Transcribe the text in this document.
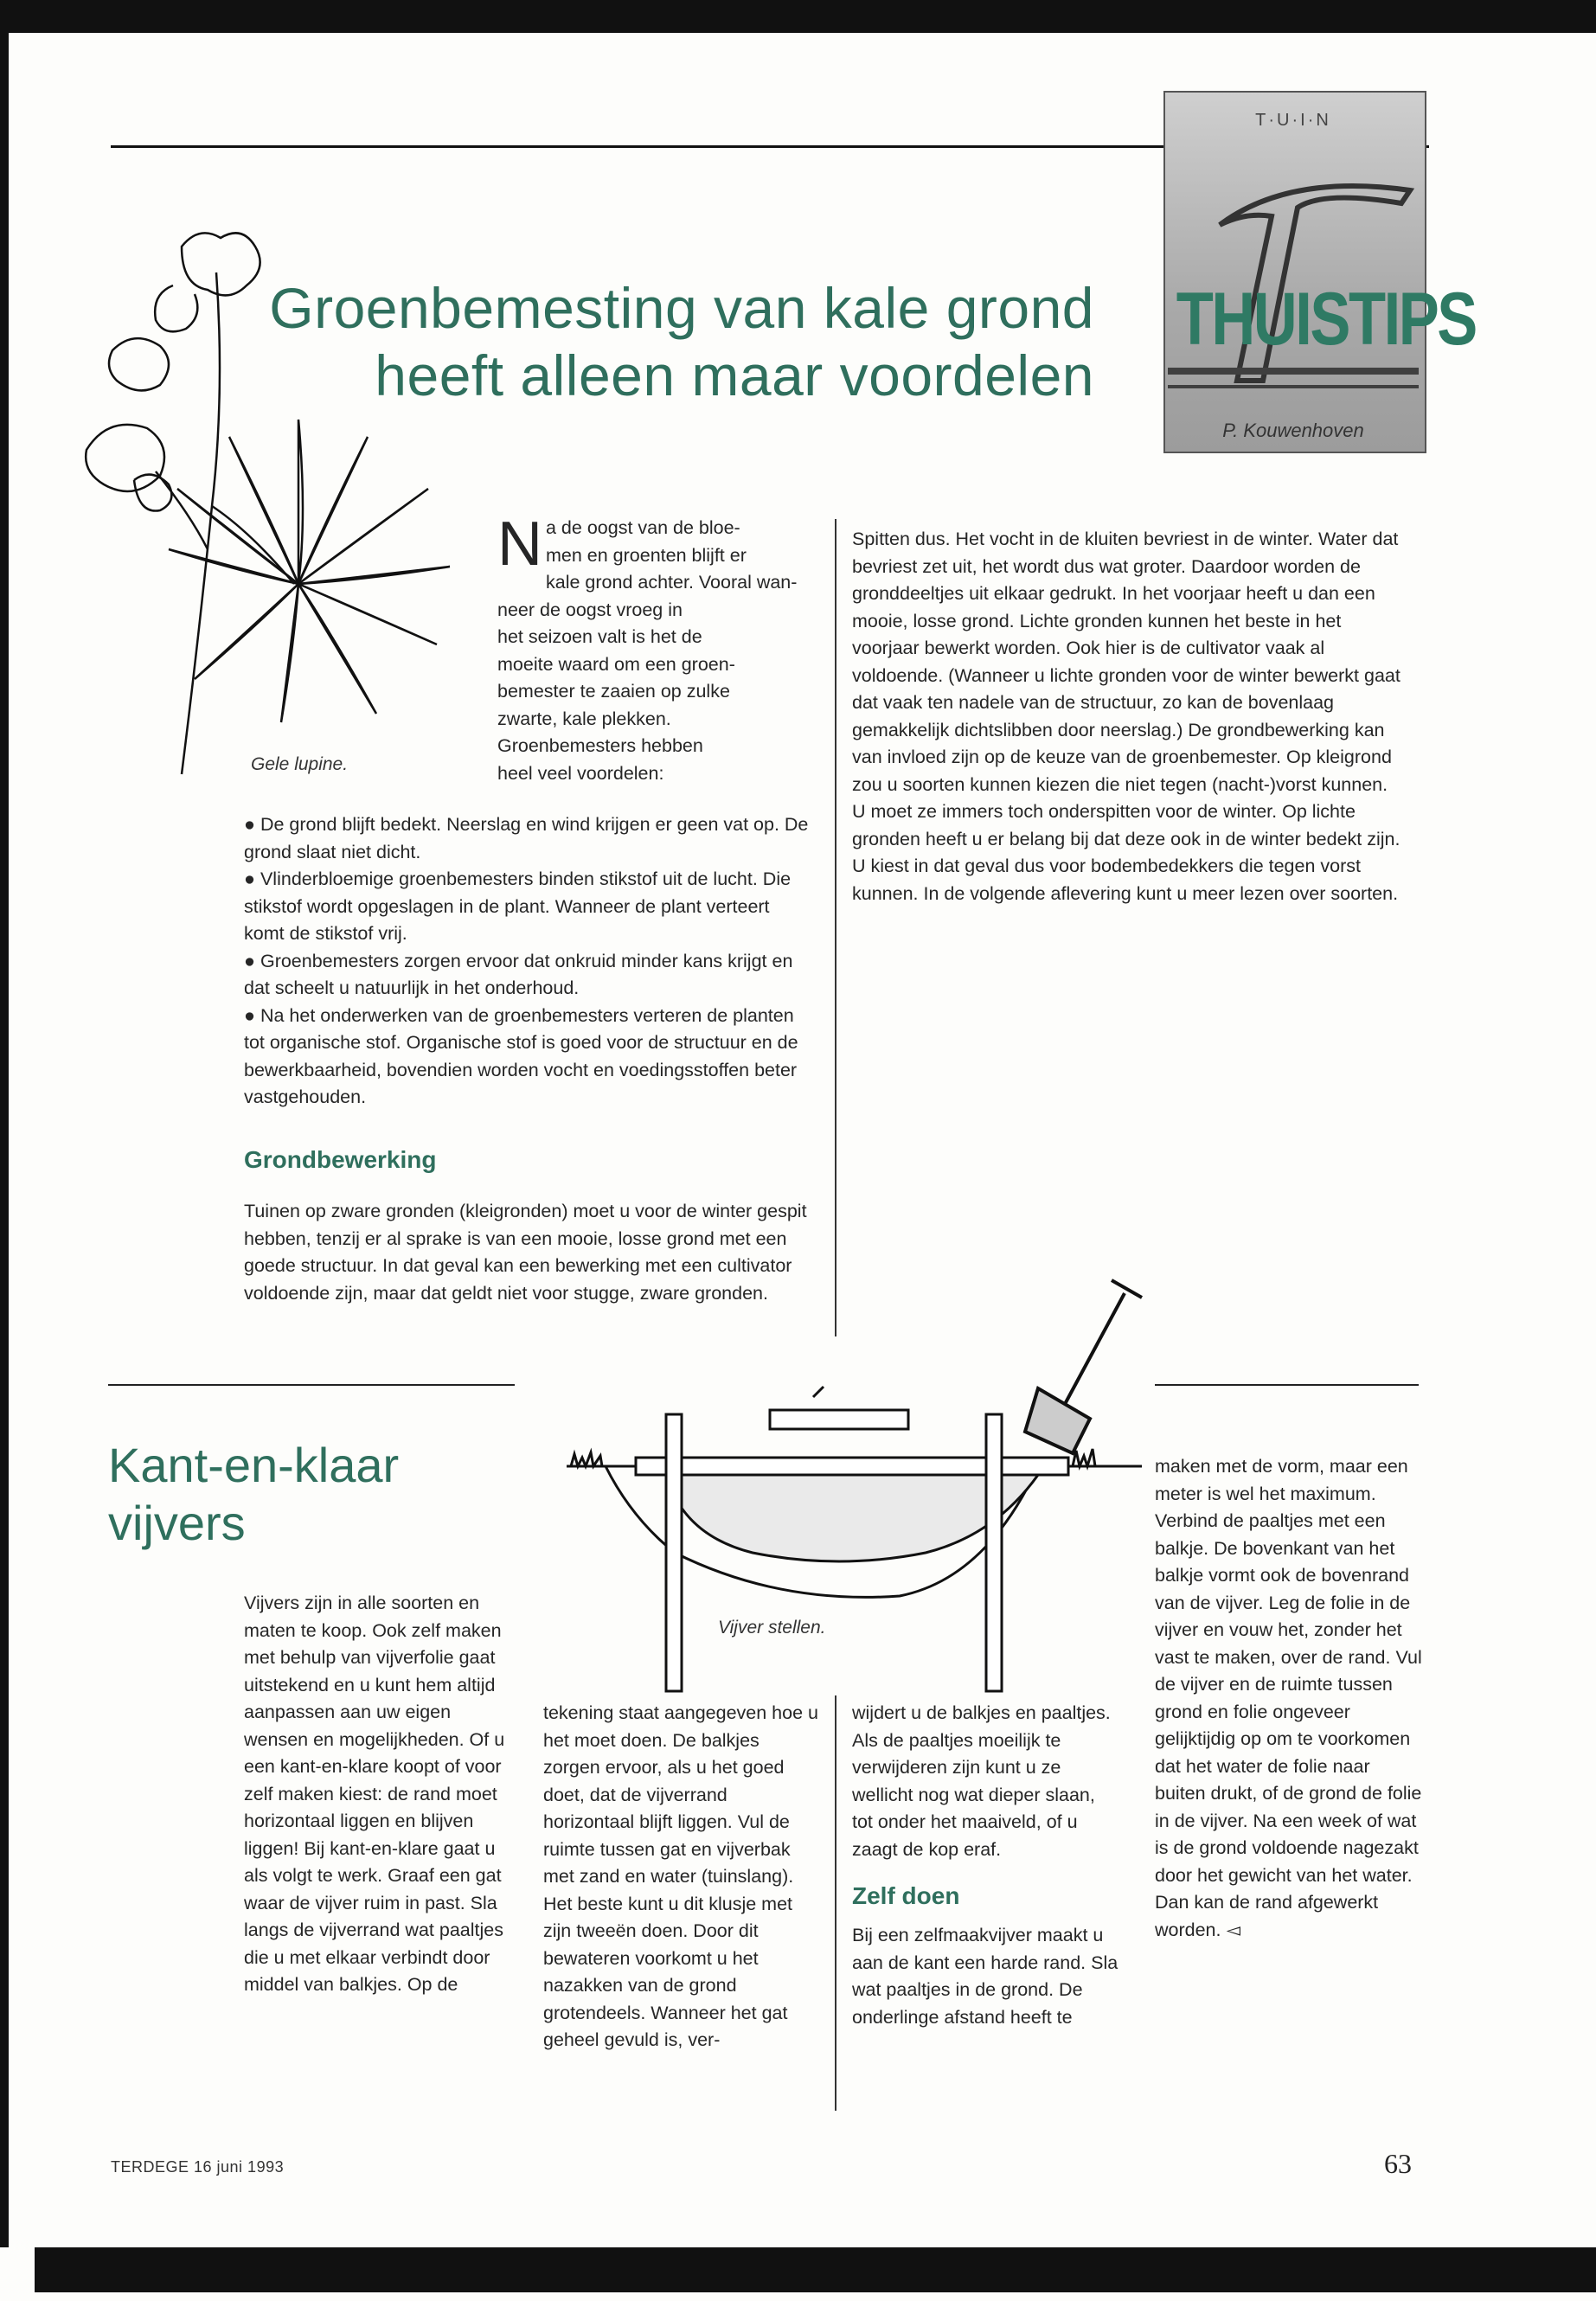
T·U·I·N
THUISTIPS
P. Kouwenhoven
Groenbemesting van kale grond
heeft alleen maar voordelen
Gele lupine.
N a de oogst van de bloe-
men en groenten blijft er
kale grond achter. Vooral wan-
neer de oogst vroeg in
het seizoen valt is het de
moeite waard om een groen-
bemester te zaaien op zulke
zwarte, kale plekken.
Groenbemesters hebben
heel veel voordelen:

● De grond blijft bedekt. Neerslag en wind krijgen er geen vat op. De grond slaat niet dicht.

● Vlinderbloemige groenbemesters binden stikstof uit de lucht. Die stikstof wordt opgeslagen in de plant. Wanneer de plant verteert komt de stikstof vrij.

● Groenbemesters zorgen ervoor dat onkruid minder kans krijgt en dat scheelt u natuurlijk in het onderhoud.

● Na het onderwerken van de groenbemesters verteren de planten tot organische stof. Organische stof is goed voor de structuur en de bewerkbaarheid, bovendien worden vocht en voedingsstoffen beter vastgehouden.

Grondbewerking
Tuinen op zware gronden (kleigronden) moet u voor de winter gespit hebben, tenzij er al sprake is van een mooie, losse grond met een goede structuur. In dat geval kan een bewerking met een cultivator voldoende zijn, maar dat geldt niet voor stugge, zware gronden.
Spitten dus. Het vocht in de kluiten bevriest in de winter. Water dat bevriest zet uit, het wordt dus wat groter. Daardoor worden de gronddeeltjes uit elkaar gedrukt. In het voorjaar heeft u dan een mooie, losse grond. Lichte gronden kunnen het beste in het voorjaar bewerkt worden. Ook hier is de cultivator vaak al voldoende. (Wanneer u lichte gronden voor de winter bewerkt gaat dat vaak ten nadele van de structuur, zo kan de bovenlaag gemakkelijk dichtslibben door neerslag.) De grondbewerking kan van invloed zijn op de keuze van de groenbemester. Op kleigrond zou u soorten kunnen kiezen die niet tegen (nacht-)vorst kunnen. U moet ze immers toch onderspitten voor de winter. Op lichte gronden heeft u er belang bij dat deze ook in de winter bedekt zijn. U kiest in dat geval dus voor bodembedekkers die tegen vorst kunnen. In de volgende aflevering kunt u meer lezen over soorten.
Kant-en-klaar
vijvers
Vijver stellen.
Vijvers zijn in alle soorten en maten te koop. Ook zelf maken met behulp van vijverfolie gaat uitstekend en u kunt hem altijd aanpassen aan uw eigen wensen en mogelijkheden. Of u een kant-en-klare koopt of voor zelf maken kiest: de rand moet horizontaal liggen en blijven liggen! Bij kant-en-klare gaat u als volgt te werk. Graaf een gat waar de vijver ruim in past. Sla langs de vijverrand wat paaltjes die u met elkaar verbindt door middel van balkjes. Op de
tekening staat aangegeven hoe u het moet doen. De balkjes zorgen ervoor, als u het goed doet, dat de vijverrand horizontaal blijft liggen. Vul de ruimte tussen gat en vijverbak met zand en water (tuinslang). Het beste kunt u dit klusje met zijn tweeën doen. Door dit bewateren voorkomt u het nazakken van de grond grotendeels. Wanneer het gat geheel gevuld is, ver-
wijdert u de balkjes en paaltjes. Als de paaltjes moeilijk te verwijderen zijn kunt u ze wellicht nog wat dieper slaan, tot onder het maaiveld, of u zaagt de kop eraf.
Zelf doen
Bij een zelfmaakvijver maakt u aan de kant een harde rand. Sla wat paaltjes in de grond. De onderlinge afstand heeft te
maken met de vorm, maar een meter is wel het maximum. Verbind de paaltjes met een balkje. De bovenkant van het balkje vormt ook de bovenrand van de vijver. Leg de folie in de vijver en vouw het, zonder het vast te maken, over de rand. Vul de vijver en de ruimte tussen grond en folie ongeveer gelijktijdig op om te voorkomen dat het water de folie naar buiten drukt, of de grond de folie in de vijver. Na een week of wat is de grond voldoende nagezakt door het gewicht van het water. Dan kan de rand afgewerkt worden. ◅
TERDEGE 16 juni 1993	63
